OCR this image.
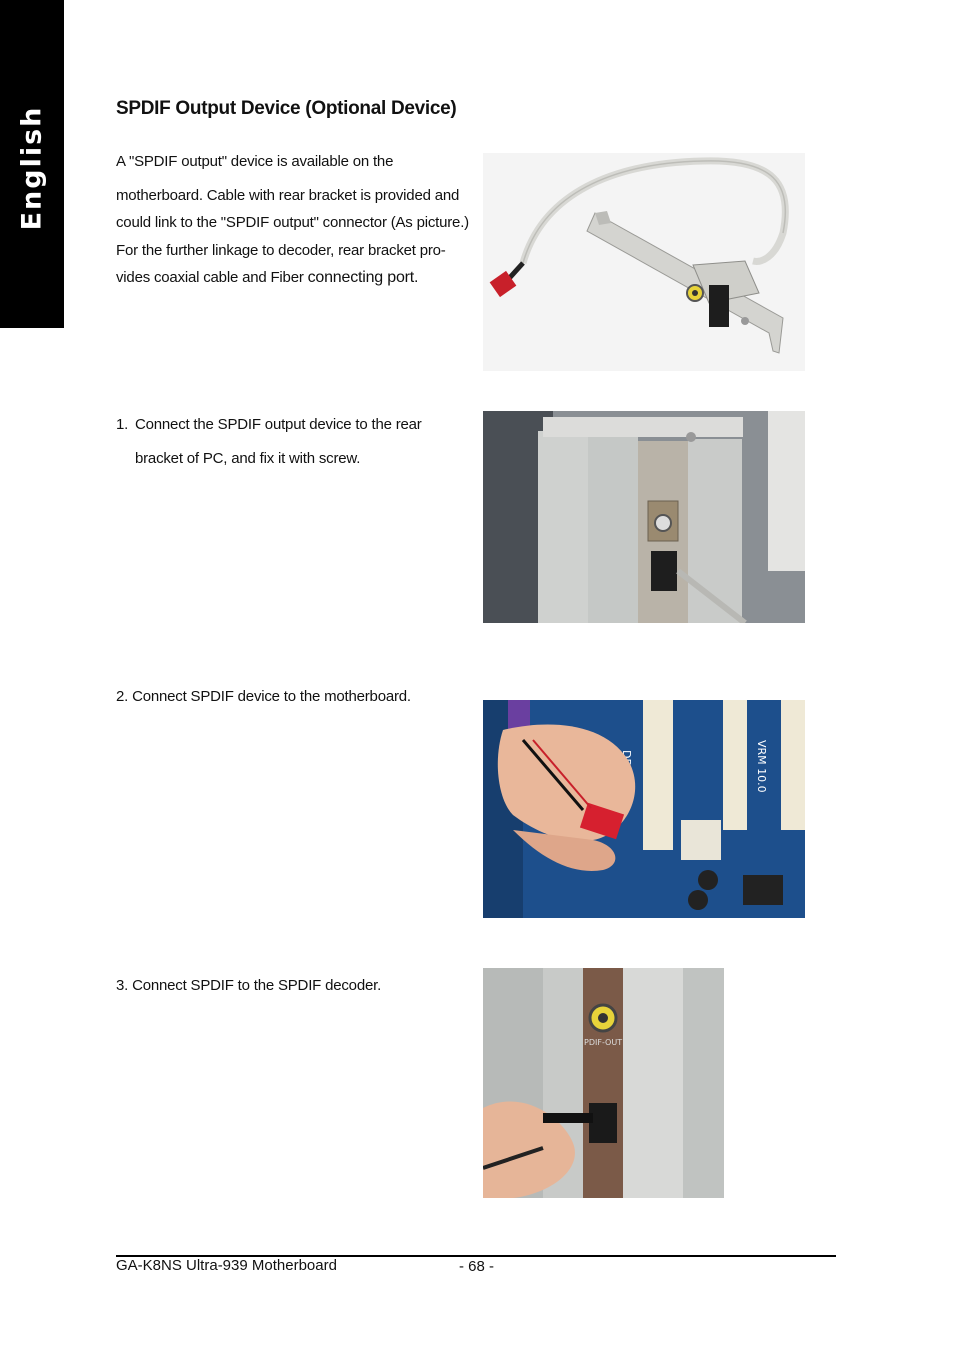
English	SPDIF Output Device (Optional Device)
A "SPDIF output" device is available on the
motherboard. Cable with rear bracket is provided and
could link to the "SPDIF output" connector (As picture.)
For the further linkage to decoder, rear bracket pro-
vides coaxial cable and Fiber connecting port.
1. Connect the SPDIF output device to the rear
bracket of PC, and fix it with screw.
2. Connect SPDIF device to the motherboard.
3. Connect SPDIF to the SPDIF decoder.
VRM 10.0
PDIF-OUT
GA-K8NS Ultra-939 Motherboard	- 68 -
